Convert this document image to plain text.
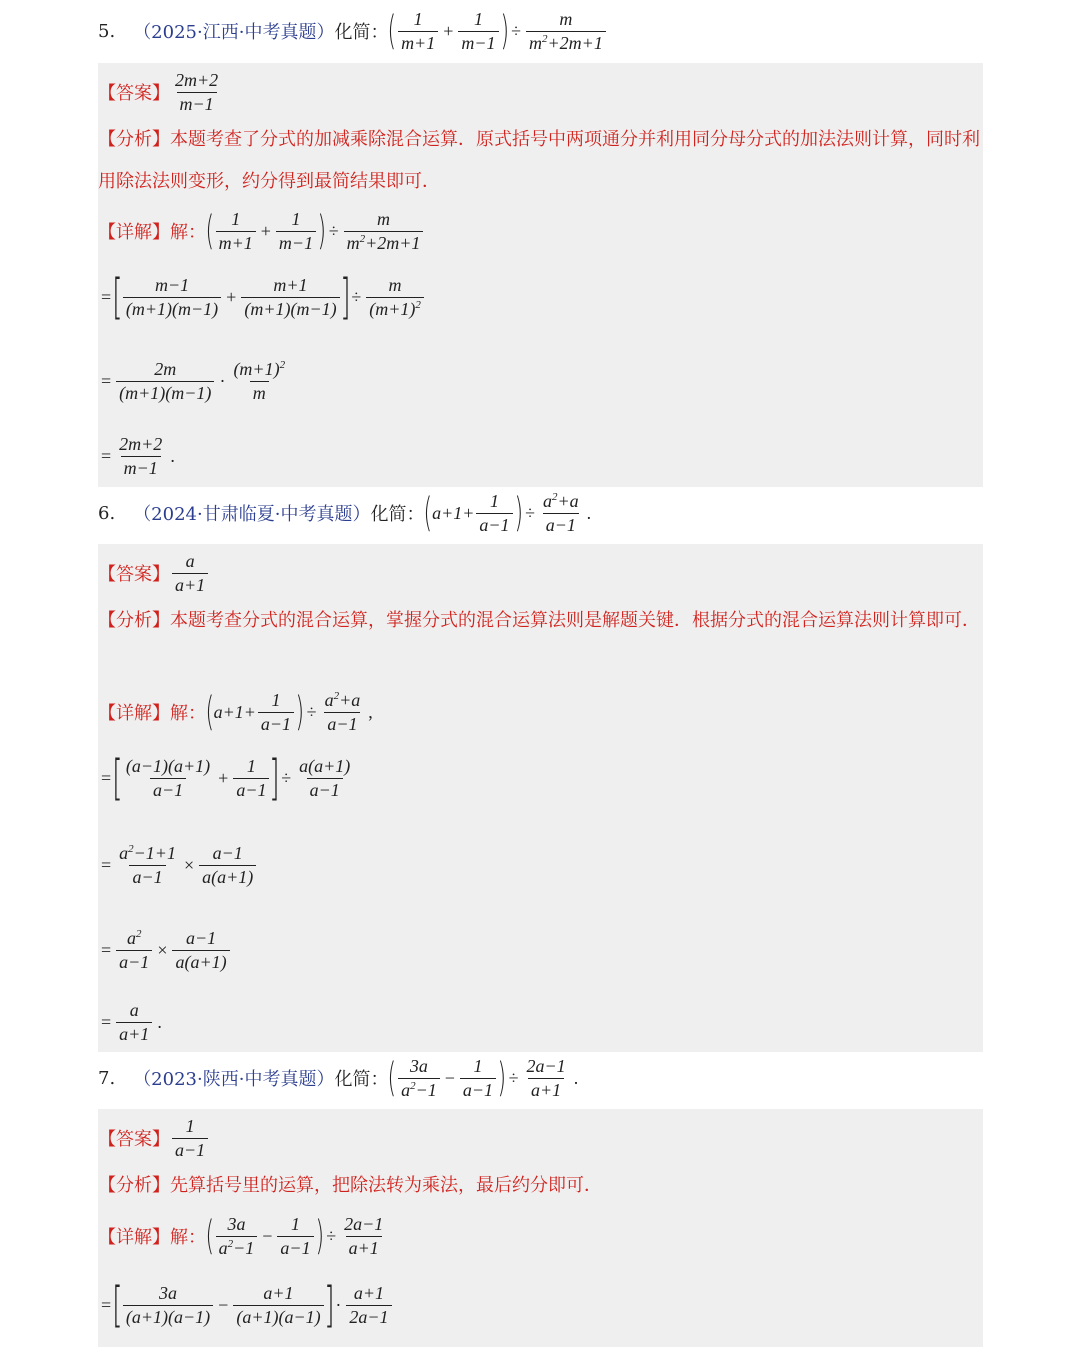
5. （2025·江西·中考真题） 化简： ( 1
m+1
+ $\frac{1}{m-1}$ ) ÷ $\frac{m}{m^2+2m+1}$
【答案】 $\frac{2m+2}{m-1}$
【分析】本题考查了分式的加减乘除混合运算．原式括号中两项通分并利用同分母分式的加法法则计算，同时利用除法法则变形，约分得到最简结果即可．
【详解】 解： ( 1
m+1
+ $\frac{1}{m-1}$ ) ÷ $\frac{m}{m^2+2m+1}$
= [ m−1
(m+1)(m−1)
+ $\frac{m+1}{(m+1)(m-1)}$ ] ÷ $\frac{m}{(m+1)^2}$
= $\frac{2m}{(m+1)(m-1)}$ ·
$(m+1)^2$
m
= $\frac{2m+2}{m-1}$ .
6. （2024·甘肃临夏·中考真题） 化简： ( $a+1+ \frac{1}{a-1}$ ) ÷ $\frac{a^2+a}{a-1}$ .
【答案】 $\frac{a}{a+1}$
【分析】本题考查分式的混合运算，掌握分式的混合运算法则是解题关键．根据分式的混合运算法则计算即可．
【详解】 解： ( $a+1+ \frac{1}{a-1}$ ) ÷ $\frac{a^2+a}{a-1}$ ,
= [ (a−1)(a+1)
a−1
+ $\frac{1}{a-1}$ ] ÷ $\frac{a(a+1)}{a-1}$
= $\frac{a^2-1+1}{a-1} \times \frac{a-1}{a(a+1)}$
= $\frac{a^2}{a-1} \times \frac{a-1}{a(a+1)}$
= $\frac{a}{a+1}$ .
7. （2023·陕西·中考真题） 化简： ( 3a
$a^2-1$
− $\frac{1}{a-1}$ ) ÷ $\frac{2a-1}{a+1}$ .
【答案】 $\frac{1}{a-1}$
【分析】先算括号里的运算，把除法转为乘法，最后约分即可．
【详解】 解： ( 3a
$a^2-1$
− $\frac{1}{a-1}$ ) ÷ $\frac{2a-1}{a+1}$
= [ 3a
(a+1)(a−1)
− $\frac{a+1}{(a+1)(a-1)}$ ] ·
a+1
2a−1
